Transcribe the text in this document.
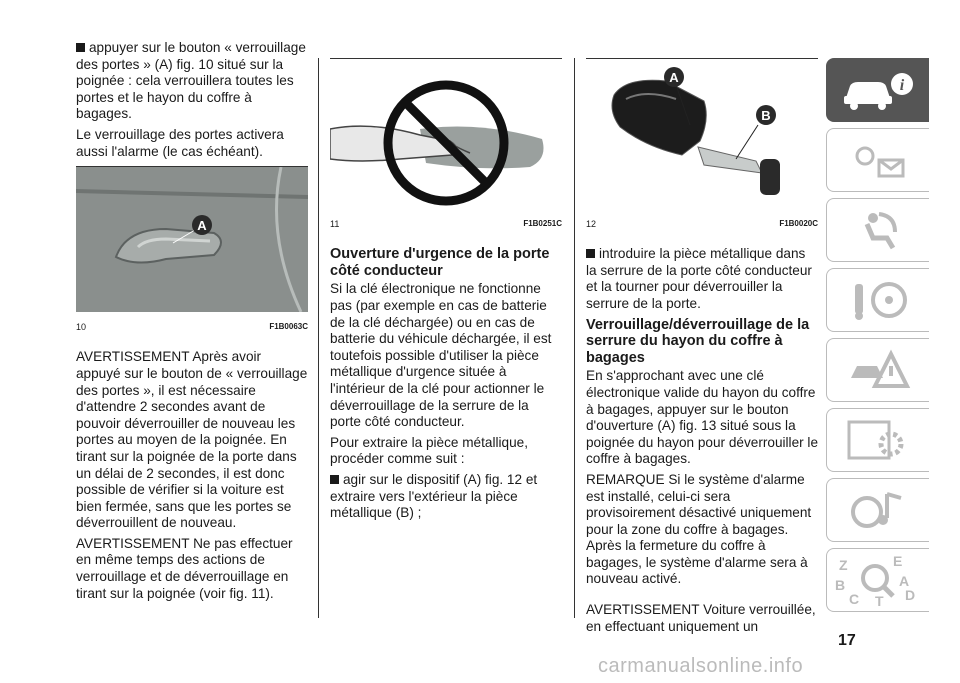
appuyer sur le bouton « verrouillage des portes » (A) fig. 10 situé sur la poignée : cela verrouillera toutes les portes et le hayon du coffre à bagages.

Le verrouillage des portes activera aussi l'alarme (le cas échéant).

A
10	F1B0063C

AVERTISSEMENT Après avoir appuyé sur le bouton de « verrouillage des portes », il est nécessaire d'attendre 2 secondes avant de pouvoir déverrouiller de nouveau les portes au moyen de la poignée. En tirant sur la poignée de la porte dans un délai de 2 secondes, il est donc possible de vérifier si la voiture est bien fermée, sans que les portes se déverrouillent de nouveau.

AVERTISSEMENT Ne pas effectuer en même temps des actions de verrouillage et de déverrouillage en tirant sur la poignée (voir fig. 11).

11	F1B0251C

Ouverture d'urgence de la porte côté conducteur

Si la clé électronique ne fonctionne pas (par exemple en cas de batterie de la clé déchargée) ou en cas de batterie du véhicule déchargée, il est toutefois possible d'utiliser la pièce métallique d'urgence située à l'intérieur de la clé pour actionner le déverrouillage de la serrure de la porte côté conducteur.

Pour extraire la pièce métallique, procéder comme suit :

agir sur le dispositif (A) fig. 12 et extraire vers l'extérieur la pièce métallique (B) ;

A
B
12	F1B0020C

introduire la pièce métallique dans la serrure de la porte côté conducteur et la tourner pour déverrouiller la serrure de la porte.

Verrouillage/déverrouillage de la serrure du hayon du coffre à bagages

En s'approchant avec une clé électronique valide du hayon du coffre à bagages, appuyer sur le bouton d'ouverture (A) fig. 13 situé sous la poignée du hayon pour déverrouiller le coffre à bagages.

REMARQUE Si le système d'alarme est installé, celui-ci sera provisoirement désactivé uniquement pour la zone du coffre à bagages. Après la fermeture du coffre à bagages, le système d'alarme sera à nouveau activé.

AVERTISSEMENT Voiture verrouillée, en effectuant uniquement un

i
Z	E
B	A
C T D
17
carmanualsonline.info
